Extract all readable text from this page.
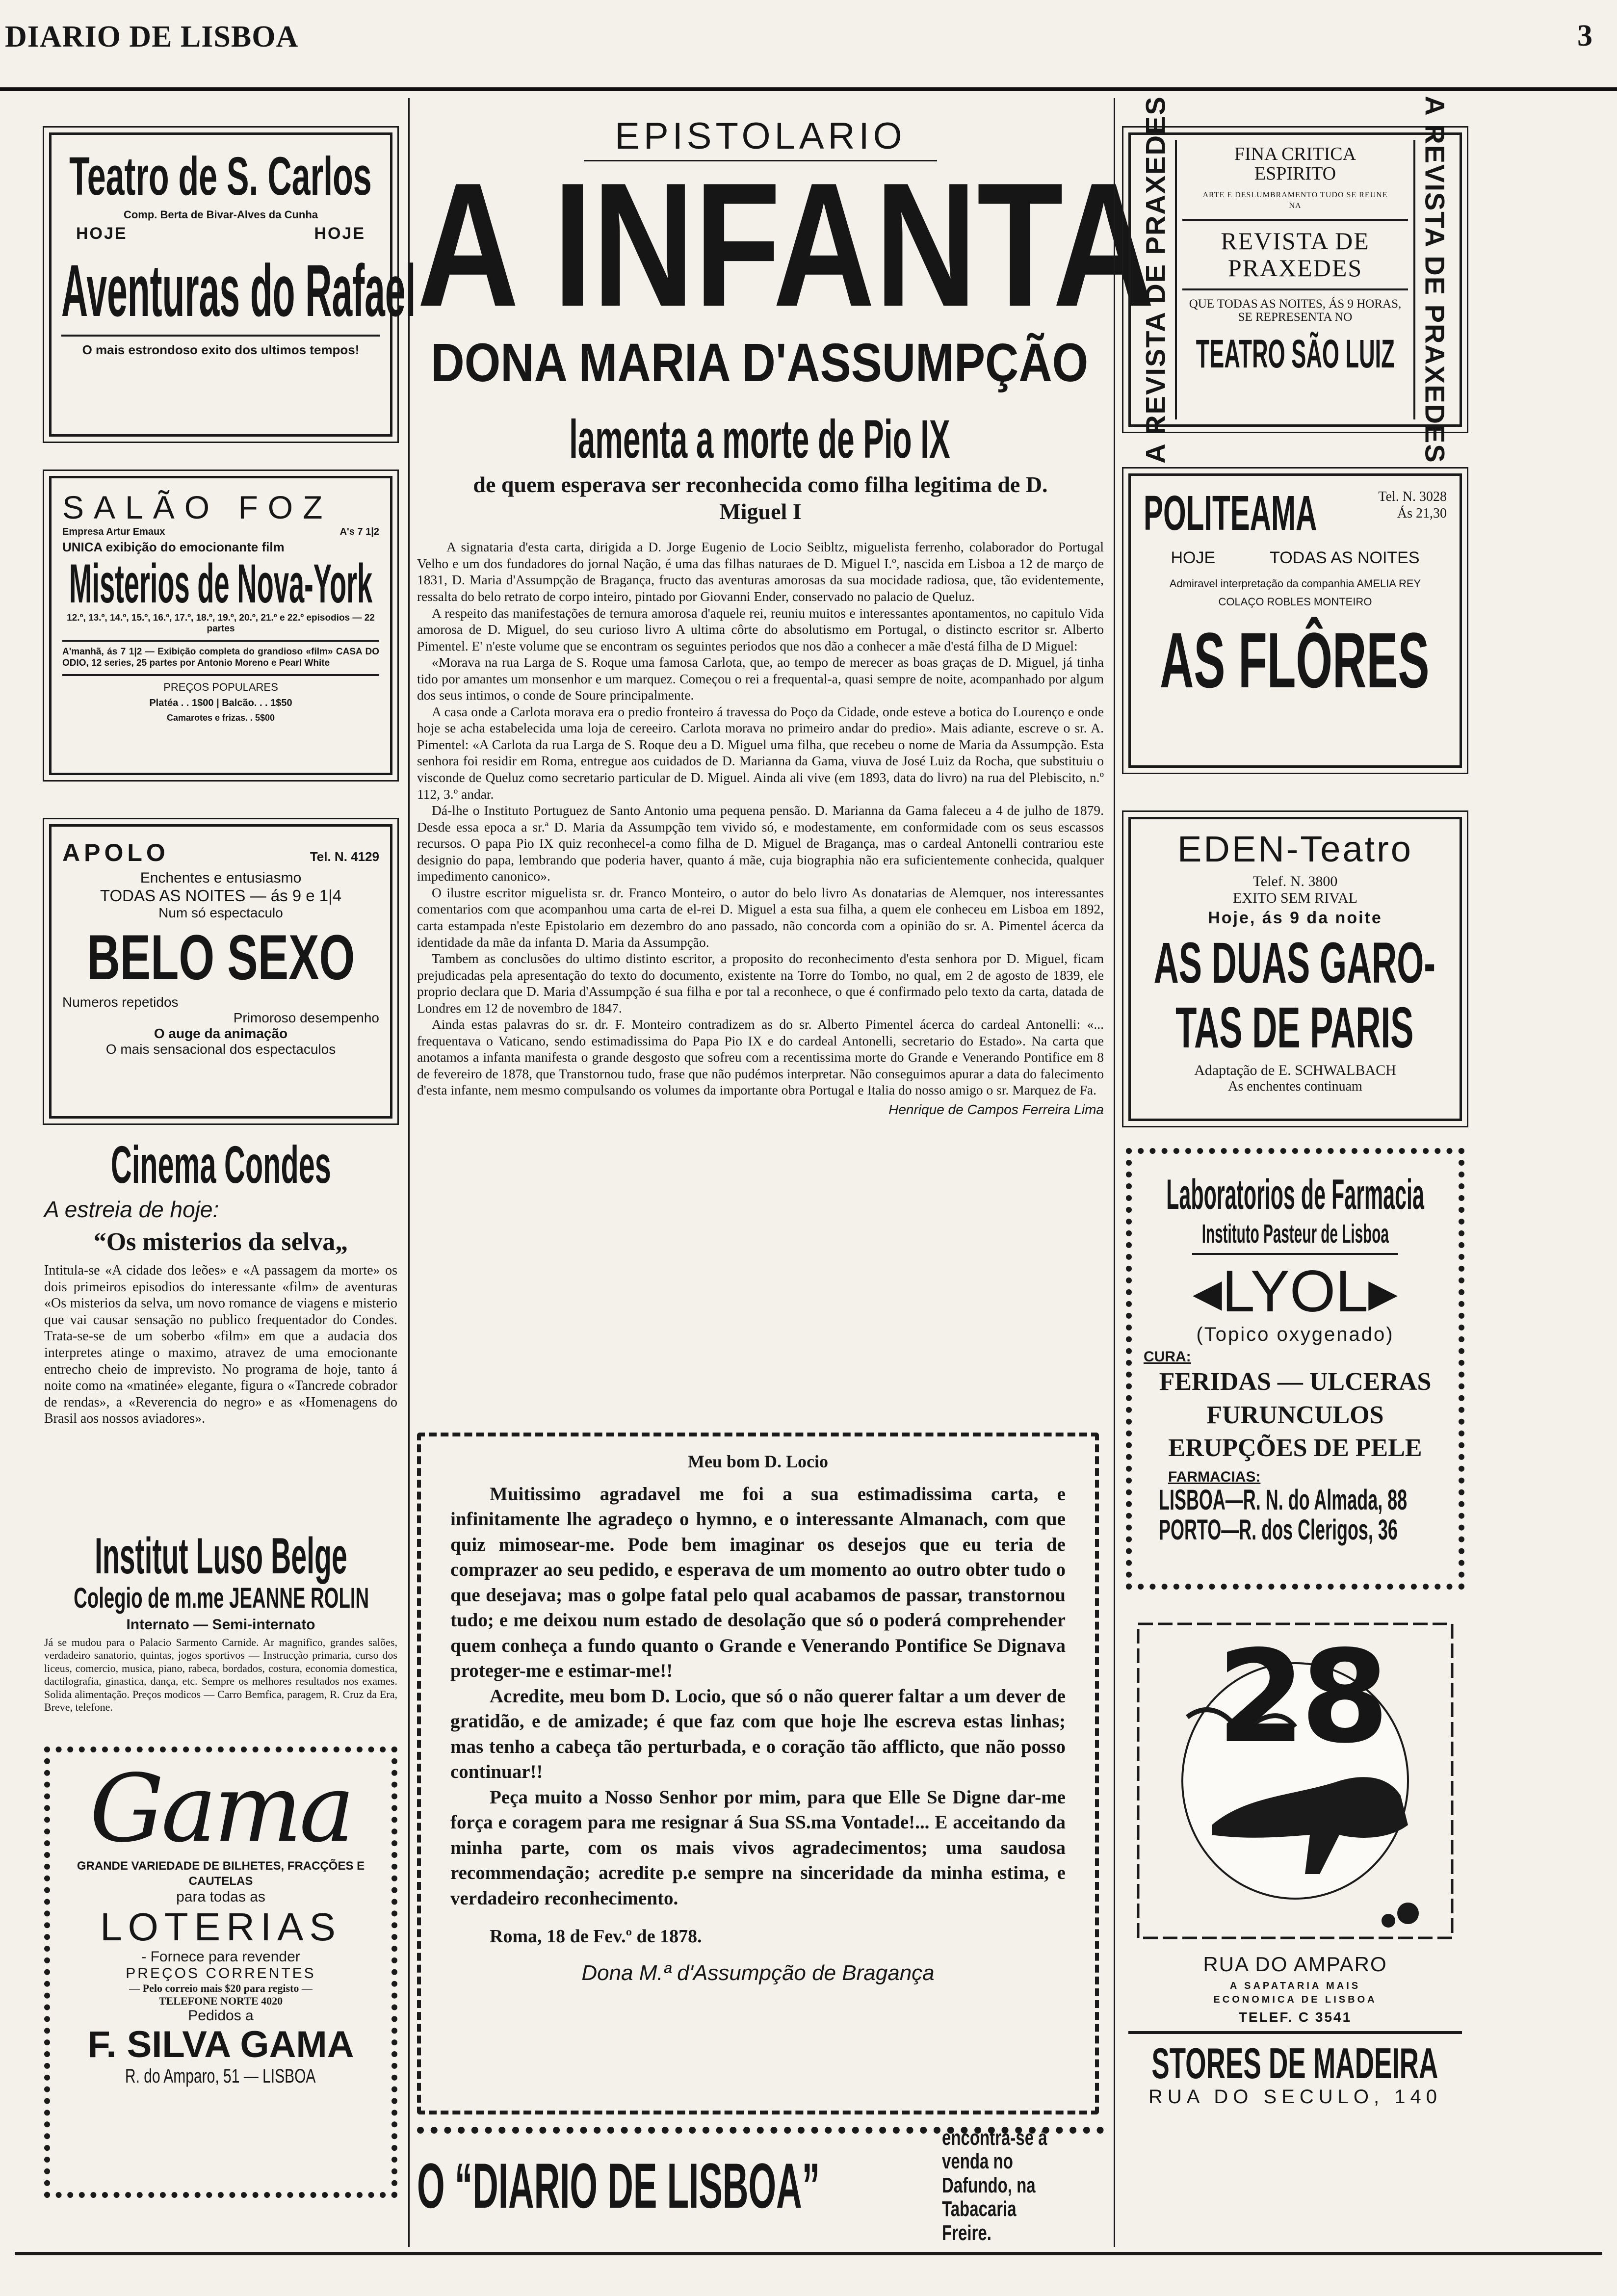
DIARIO DE LISBOA	3
Teatro de S. Carlos
Comp. Berta de Bivar-Alves da Cunha
HOJE	HOJE
Aventuras do Rafael
O mais estrondoso exito dos ultimos tempos!
SALÃO FOZ
Empresa Artur Emaux	A's 7 1|2
UNICA exibição do emocionante film
Misterios de Nova-York
12.º, 13.º, 14.º, 15.º, 16.º, 17.º, 18.º, 19.º, 20.º, 21.º e 22.º episodios — 22 partes
A'manhã, ás 7 1|2 — Exibição completa do grandioso «film» CASA DO ODIO, 12 series, 25 partes por Antonio Moreno e Pearl White
PREÇOS POPULARES
Platéa . . 1$00 | Balcão. . . 1$50
Camarotes e frizas. . 5$00
APOLO	Tel. N. 4129
Enchentes e entusiasmo
TODAS AS NOITES — ás 9 e 1|4
Num só espectaculo
BELO SEXO
Numeros repetidos
Primoroso desempenho
O auge da animação
O mais sensacional dos espectaculos
Cinema Condes
A estreia de hoje:
“Os misterios da selva„
Intitula-se «A cidade dos leões» e «A passagem da morte» os dois primeiros episodios do interessante «film» de aventuras «Os misterios da selva, um novo romance de viagens e misterio que vai causar sensação no publico frequentador do Condes. Trata-se-se de um soberbo «film» em que a audacia dos interpretes atinge o maximo, atravez de uma emocionante entrecho cheio de imprevisto. No programa de hoje, tanto á noite como na «matinée» elegante, figura o «Tancrede cobrador de rendas», a «Reverencia do negro» e as «Homenagens do Brasil aos nossos aviadores».
Institut Luso Belge
Colegio de m.me JEANNE ROLIN
Internato — Semi-internato
Já se mudou para o Palacio Sarmento Carnide. Ar magnifico, grandes salões, verdadeiro sanatorio, quintas, jogos sportivos — Instrucção primaria, curso dos liceus, comercio, musica, piano, rabeca, bordados, costura, economia domestica, dactilografia, ginastica, dança, etc. Sempre os melhores resultados nos exames. Solida alimentação. Preços modicos — Carro Bemfica, paragem, R. Cruz da Era, Breve, telefone.
Gama
GRANDE VARIEDADE DE BILHETES, FRACÇÕES E CAUTELAS
para todas as
LOTERIAS
- Fornece para revender
PREÇOS CORRENTES
— Pelo correio mais $20 para registo —
TELEFONE NORTE 4020
Pedidos a
F. SILVA GAMA
R. do Amparo, 51 — LISBOA
EPISTOLARIO
A INFANTA
DONA MARIA D'ASSUMPÇÃO
lamenta a morte de Pio IX
de quem esperava ser reconhecida como filha legitima de D. Miguel I

A signataria d'esta carta, dirigida a D. Jorge Eugenio de Locio Seibltz, miguelista ferrenho, colaborador do Portugal Velho e um dos fundadores do jornal Nação, é uma das filhas naturaes de D. Miguel I.º, nascida em Lisboa a 12 de março de 1831, D. Maria d'Assumpção de Bragança, fructo das aventuras amorosas da sua mocidade radiosa, que, tão evidentemente, ressalta do belo retrato de corpo inteiro, pintado por Giovanni Ender, conservado no palacio de Queluz.

A respeito das manifestações de ternura amorosa d'aquele rei, reuniu muitos e interessantes apontamentos, no capitulo Vida amorosa de D. Miguel, do seu curioso livro A ultima côrte do absolutismo em Portugal, o distincto escritor sr. Alberto Pimentel. E' n'este volume que se encontram os seguintes periodos que nos dão a conhecer a mãe d'está filha de D Miguel:

«Morava na rua Larga de S. Roque uma famosa Carlota, que, ao tempo de merecer as boas graças de D. Miguel, já tinha tido por amantes um monsenhor e um marquez. Começou o rei a frequental-a, quasi sempre de noite, acompanhado por algum dos seus intimos, o conde de Soure principalmente.

A casa onde a Carlota morava era o predio fronteiro á travessa do Poço da Cidade, onde esteve a botica do Lourenço e onde hoje se acha estabelecida uma loja de cereeiro. Carlota morava no primeiro andar do predio». Mais adiante, escreve o sr. A. Pimentel: «A Carlota da rua Larga de S. Roque deu a D. Miguel uma filha, que recebeu o nome de Maria da Assumpção. Esta senhora foi residir em Roma, entregue aos cuidados de D. Marianna da Gama, viuva de José Luiz da Rocha, que substituiu o visconde de Queluz como secretario particular de D. Miguel. Ainda ali vive (em 1893, data do livro) na rua del Plebiscito, n.º 112, 3.º andar.

Dá-lhe o Instituto Portuguez de Santo Antonio uma pequena pensão. D. Marianna da Gama faleceu a 4 de julho de 1879. Desde essa epoca a sr.ª D. Maria da Assumpção tem vivido só, e modestamente, em conformidade com os seus escassos recursos. O papa Pio IX quiz reconhecel-a como filha de D. Miguel de Bragança, mas o cardeal Antonelli contrariou este designio do papa, lembrando que poderia haver, quanto á mãe, cuja biographia não era suficientemente conhecida, qualquer impedimento canonico».

O ilustre escritor miguelista sr. dr. Franco Monteiro, o autor do belo livro As donatarias de Alemquer, nos interessantes comentarios com que acompanhou uma carta de el-rei D. Miguel a esta sua filha, a quem ele conheceu em Lisboa em 1892, carta estampada n'este Epistolario em dezembro do ano passado, não concorda com a opinião do sr. A. Pimentel ácerca da identidade da mãe da infanta D. Maria da Assumpção.

Tambem as conclusões do ultimo distinto escritor, a proposito do reconhecimento d'esta senhora por D. Miguel, ficam prejudicadas pela apresentação do texto do documento, existente na Torre do Tombo, no qual, em 2 de agosto de 1839, ele proprio declara que D. Maria d'Assumpção é sua filha e por tal a reconhece, o que é confirmado pelo texto da carta, datada de Londres em 12 de novembro de 1847.

Ainda estas palavras do sr. dr. F. Monteiro contradizem as do sr. Alberto Pimentel ácerca do cardeal Antonelli: «... frequentava o Vaticano, sendo estimadissima do Papa Pio IX e do cardeal Antonelli, secretario do Estado». Na carta que anotamos a infanta manifesta o grande desgosto que sofreu com a recentissima morte do Grande e Venerando Pontifice em 8 de fevereiro de 1878, que Transtornou tudo, frase que não pudémos interpretar. Não conseguimos apurar a data do falecimento d'esta infante, nem mesmo compulsando os volumes da importante obra Portugal e Italia do nosso amigo o sr. Marquez de Fa.

Henrique de Campos Ferreira Lima

Meu bom D. Locio

Muitissimo agradavel me foi a sua estimadissima carta, e infinitamente lhe agradeço o hymno, e o interessante Almanach, com que quiz mimosear-me. Pode bem imaginar os desejos que eu teria de comprazer ao seu pedido, e esperava de um momento ao outro obter tudo o que desejava; mas o golpe fatal pelo qual acabamos de passar, transtornou tudo; e me deixou num estado de desolação que só o poderá comprehender quem conheça a fundo quanto o Grande e Venerando Pontifice Se Dignava proteger-me e estimar-me!!

Acredite, meu bom D. Locio, que só o não querer faltar a um dever de gratidão, e de amizade; é que faz com que hoje lhe escreva estas linhas; mas tenho a cabeça tão perturbada, e o coração tão afflicto, que não posso continuar!!

Peça muito a Nosso Senhor por mim, para que Elle Se Digne dar-me força e coragem para me resignar á Sua SS.ma Vontade!... E acceitando da minha parte, com os mais vivos agradecimentos; uma saudosa recommendação; acredite p.e sempre na sinceridade da minha estima, e verdadeiro reconhecimento.

Roma, 18 de Fev.º de 1878.
Dona M.ª d'Assumpção de Bragança
O “DIARIO DE LISBOA”
encontra-se á venda no Dafundo, na Tabacaria Freire.
A REVISTA DE PRAXEDES	A REVISTA DE PRAXEDES
FINA CRITICA ESPIRITO
ARTE E DESLUMBRAMENTO TUDO SE REUNE NA
REVISTA DE PRAXEDES
QUE TODAS AS NOITES, ÁS 9 HORAS, SE REPRESENTA NO
TEATRO SÃO LUIZ
POLITEAMA	Tel. N. 3028
Ás 21,30
HOJE	TODAS AS NOITES
Admiravel interpretação da companhia AMELIA REY COLAÇO ROBLES MONTEIRO
AS FLÔRES
EDEN-Teatro
Telef. N. 3800
EXITO SEM RIVAL
Hoje, ás 9 da noite
AS DUAS GARO-
TAS DE PARIS
Adaptação de E. SCHWALBACH
As enchentes continuam
Laboratorios de Farmacia
Instituto Pasteur de Lisboa
◂LYOL▸
(Topico oxygenado)
CURA:
FERIDAS — ULCERAS
FURUNCULOS
ERUPÇÕES DE PELE
FARMACIAS:
LISBOA—R. N. do Almada, 88
PORTO—R. dos Clerigos, 36
28
RUA DO AMPARO
A SAPATARIA MAIS ECONOMICA DE LISBOA
TELEF. C 3541
STORES DE MADEIRA
RUA DO SECULO, 140
